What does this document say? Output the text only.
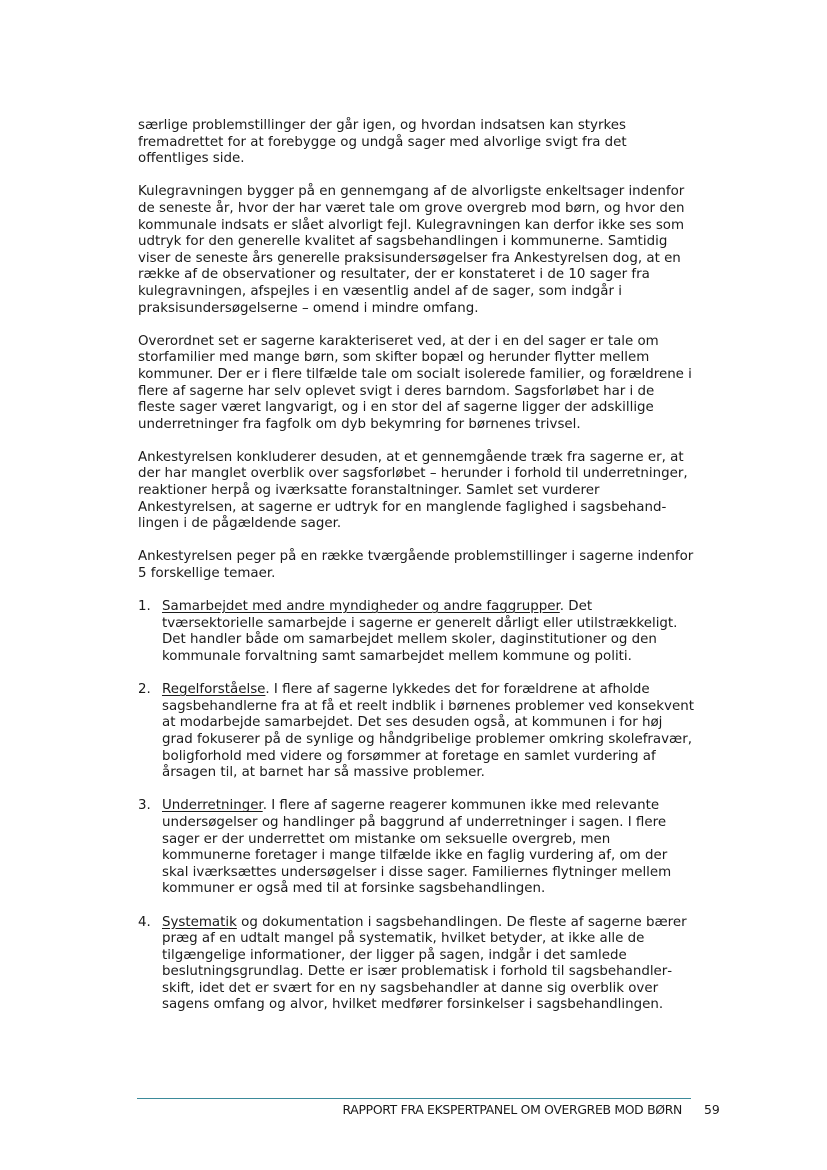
særlige problemstillinger der går igen, og hvordan indsatsen kan styrkes fremadrettet for at forebygge og undgå sager med alvorlige svigt fra det offentliges side.

Kulegravningen bygger på en gennemgang af de alvorligste enkeltsager indenfor de seneste år, hvor der har været tale om grove overgreb mod børn, og hvor den kommunale indsats er slået alvorligt fejl. Kulegravningen kan derfor ikke ses som udtryk for den generelle kvalitet af sagsbehandlingen i kommunerne. Samtidig viser de seneste års generelle praksisundersøgelser fra Ankestyrelsen dog, at en række af de observationer og resultater, der er konstateret i de 10 sager fra kulegravningen, afspejles i en væsentlig andel af de sager, som indgår i praksisundersøgelserne – omend i mindre omfang.

Overordnet set er sagerne karakteriseret ved, at der i en del sager er tale om storfamilier med mange børn, som skifter bopæl og herunder flytter mellem kommuner. Der er i flere tilfælde tale om socialt isolerede familier, og forældrene i flere af sagerne har selv oplevet svigt i deres barndom. Sagsforløbet har i de fleste sager været langvarigt, og i en stor del af sagerne ligger der adskillige underretninger fra fagfolk om dyb bekymring for børnenes trivsel.

Ankestyrelsen konkluderer desuden, at et gennemgående træk fra sagerne er, at der har manglet overblik over sagsforløbet – herunder i forhold til underretninger, reaktioner herpå og iværksatte foranstaltninger. Samlet set vurderer Ankestyrelsen, at sagerne er udtryk for en manglende faglighed i sagsbehandlingen i de pågældende sager.

Ankestyrelsen peger på en række tværgående problemstillinger i sagerne indenfor 5 forskellige temaer.

1. Samarbejdet med andre myndigheder og andre faggrupper. Det tværsektorielle samarbejde i sagerne er generelt dårligt eller utilstrækkeligt. Det handler både om samarbejdet mellem skoler, daginstitutioner og den kommunale forvaltning samt samarbejdet mellem kommune og politi.
2. Regelforståelse. I flere af sagerne lykkedes det for forældrene at afholde sagsbehandlerne fra at få et reelt indblik i børnenes problemer ved konsekvent at modarbejde samarbejdet. Det ses desuden også, at kommunen i for høj grad fokuserer på de synlige og håndgribelige problemer omkring skolefravær, boligforhold med videre og forsømmer at foretage en samlet vurdering af årsagen til, at barnet har så massive problemer.
3. Underretninger. I flere af sagerne reagerer kommunen ikke med relevante undersøgelser og handlinger på baggrund af underretninger i sagen. I flere sager er der underrettet om mistanke om seksuelle overgreb, men kommunerne foretager i mange tilfælde ikke en faglig vurdering af, om der skal iværksættes undersøgelser i disse sager. Familiernes flytninger mellem kommuner er også med til at forsinke sagsbehandlingen.
4. Systematik og dokumentation i sagsbehandlingen. De fleste af sagerne bærer præg af en udtalt mangel på systematik, hvilket betyder, at ikke alle de tilgængelige informationer, der ligger på sagen, indgår i det samlede beslutningsgrundlag. Dette er især problematisk i forhold til sagsbehandlerskift, idet det er svært for en ny sagsbehandler at danne sig overblik over sagens omfang og alvor, hvilket medfører forsinkelser i sagsbehandlingen.
RAPPORT FRA EKSPERTPANEL OM OVERGREB MOD BØRN 59
